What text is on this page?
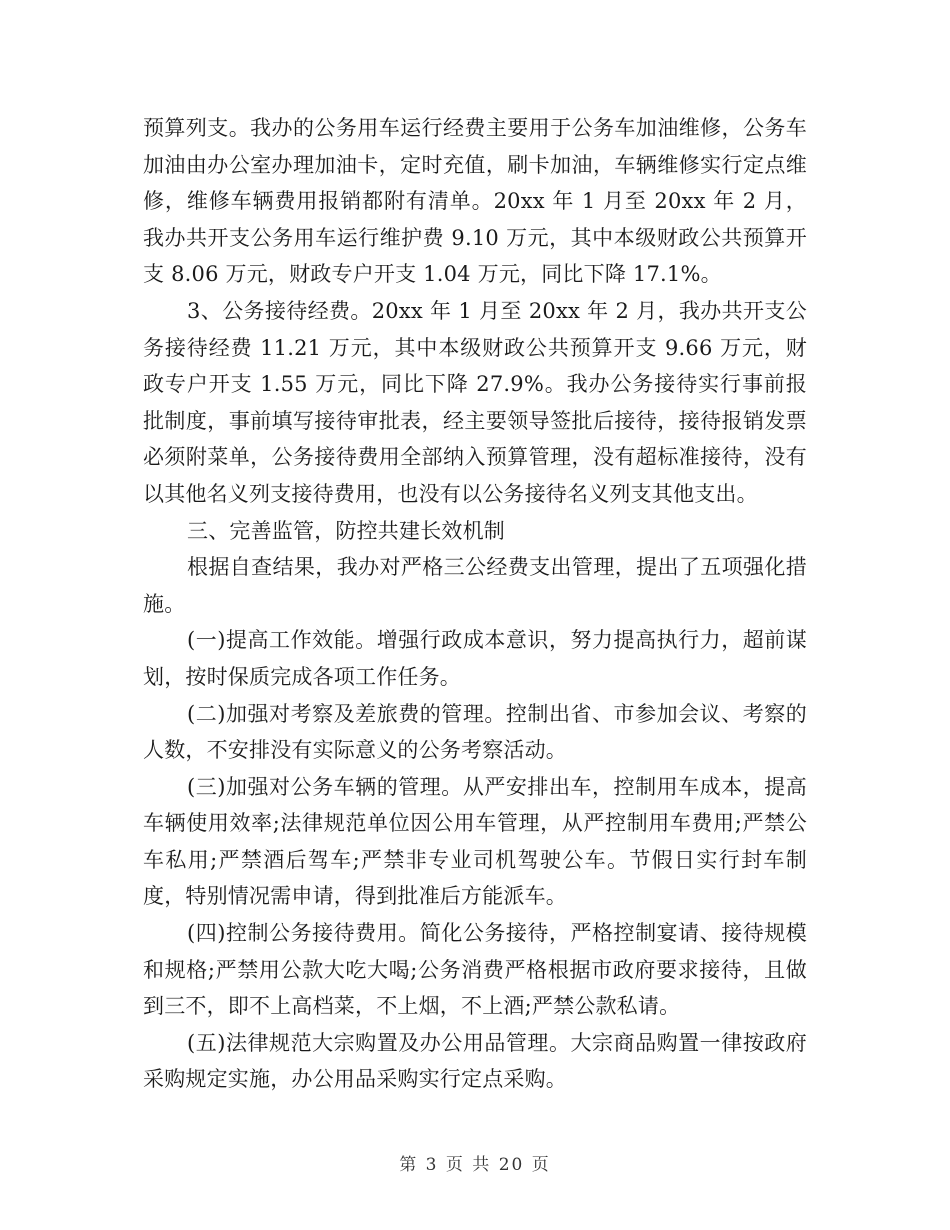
预算列支。我办的公务用车运行经费主要用于公务车加油维修，公务车加油由办公室办理加油卡，定时充值，刷卡加油，车辆维修实行定点维修，维修车辆费用报销都附有清单。20xx 年 1 月至 20xx 年 2 月，我办共开支公务用车运行维护费 9.10 万元，其中本级财政公共预算开支 8.06 万元，财政专户开支 1.04 万元，同比下降 17.1%。

3、公务接待经费。20xx 年 1 月至 20xx 年 2 月，我办共开支公务接待经费 11.21 万元，其中本级财政公共预算开支 9.66 万元，财政专户开支 1.55 万元，同比下降 27.9%。我办公务接待实行事前报批制度，事前填写接待审批表，经主要领导签批后接待，接待报销发票必须附菜单，公务接待费用全部纳入预算管理，没有超标准接待，没有以其他名义列支接待费用，也没有以公务接待名义列支其他支出。

三、完善监管，防控共建长效机制

根据自查结果，我办对严格三公经费支出管理，提出了五项强化措施。

(一)提高工作效能。增强行政成本意识，努力提高执行力，超前谋划，按时保质完成各项工作任务。

(二)加强对考察及差旅费的管理。控制出省、市参加会议、考察的人数，不安排没有实际意义的公务考察活动。

(三)加强对公务车辆的管理。从严安排出车，控制用车成本，提高车辆使用效率;法律规范单位因公用车管理，从严控制用车费用;严禁公车私用;严禁酒后驾车;严禁非专业司机驾驶公车。节假日实行封车制度，特别情况需申请，得到批准后方能派车。

(四)控制公务接待费用。简化公务接待，严格控制宴请、接待规模和规格;严禁用公款大吃大喝;公务消费严格根据市政府要求接待，且做到三不，即不上高档菜，不上烟，不上酒;严禁公款私请。

(五)法律规范大宗购置及办公用品管理。大宗商品购置一律按政府采购规定实施，办公用品采购实行定点采购。

第 3 页 共 20 页
